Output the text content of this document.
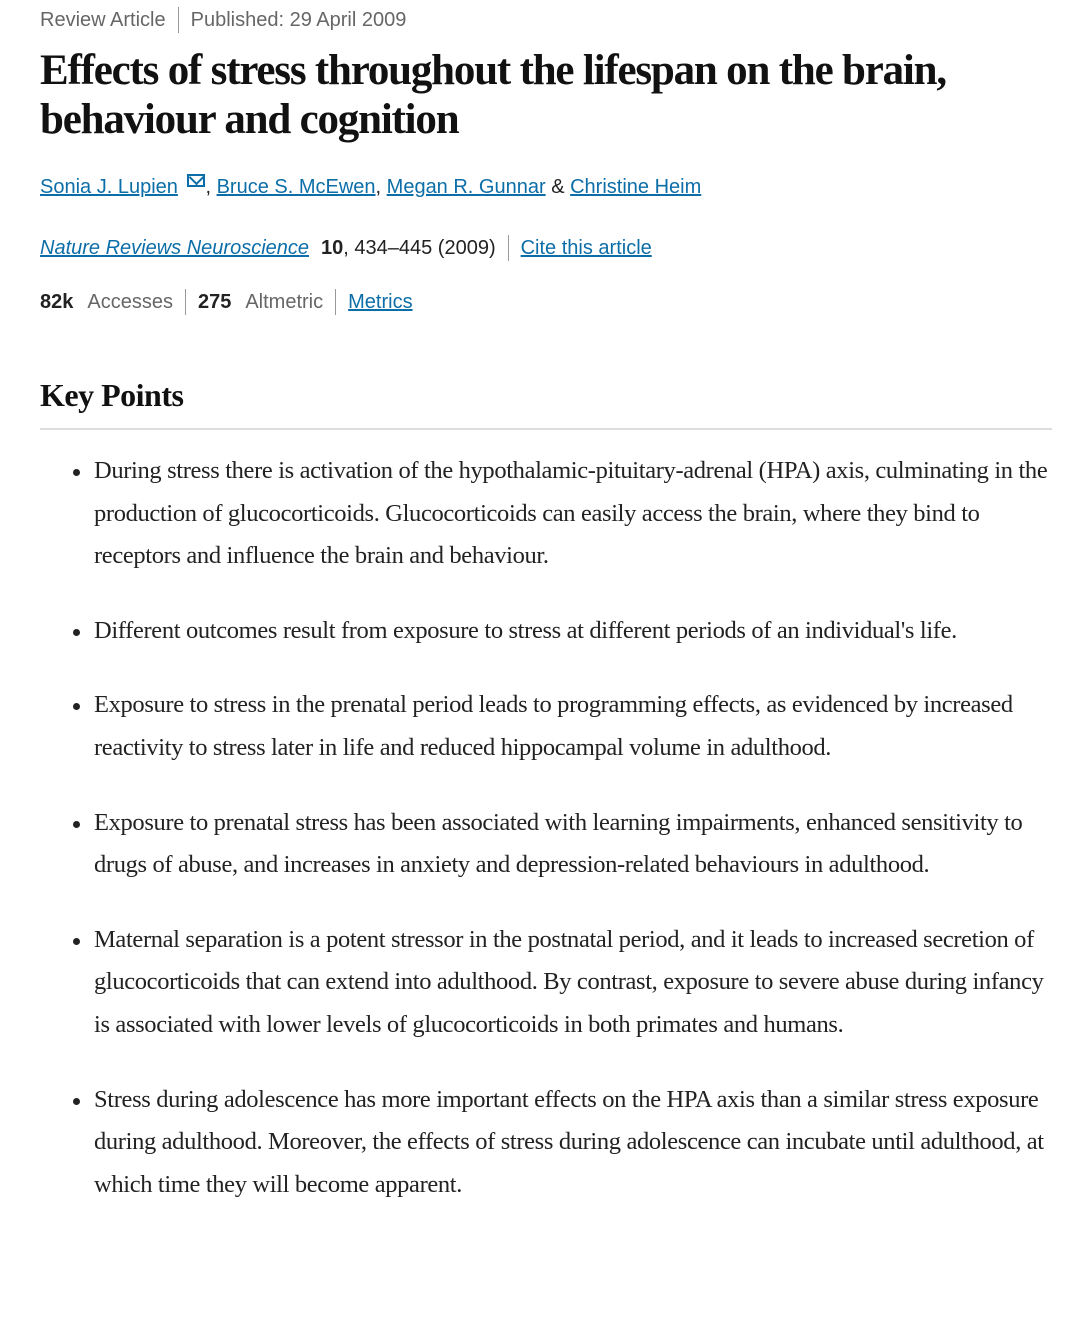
Review Article Published: 29 April 2009
Effects of stress throughout the lifespan on the brain, behaviour and cognition
Sonia J. Lupien , Bruce S. McEwen, Megan R. Gunnar & Christine Heim
Nature Reviews Neuroscience 10 , 434–445 (2009) Cite this article
82k Accesses 275 Altmetric Metrics
Key Points
During stress there is activation of the hypothalamic-pituitary-adrenal (HPA) axis, culminating in the production of glucocorticoids. Glucocorticoids can easily access the brain, where they bind to receptors and influence the brain and behaviour.
Different outcomes result from exposure to stress at different periods of an individual's life.
Exposure to stress in the prenatal period leads to programming effects, as evidenced by increased reactivity to stress later in life and reduced hippocampal volume in adulthood.
Exposure to prenatal stress has been associated with learning impairments, enhanced sensitivity to drugs of abuse, and increases in anxiety and depression-related behaviours in adulthood.
Maternal separation is a potent stressor in the postnatal period, and it leads to increased secretion of glucocorticoids that can extend into adulthood. By contrast, exposure to severe abuse during infancy is associated with lower levels of glucocorticoids in both primates and humans.
Stress during adolescence has more important effects on the HPA axis than a similar stress exposure during adulthood. Moreover, the effects of stress during adolescence can incubate until adulthood, at which time they will become apparent.
